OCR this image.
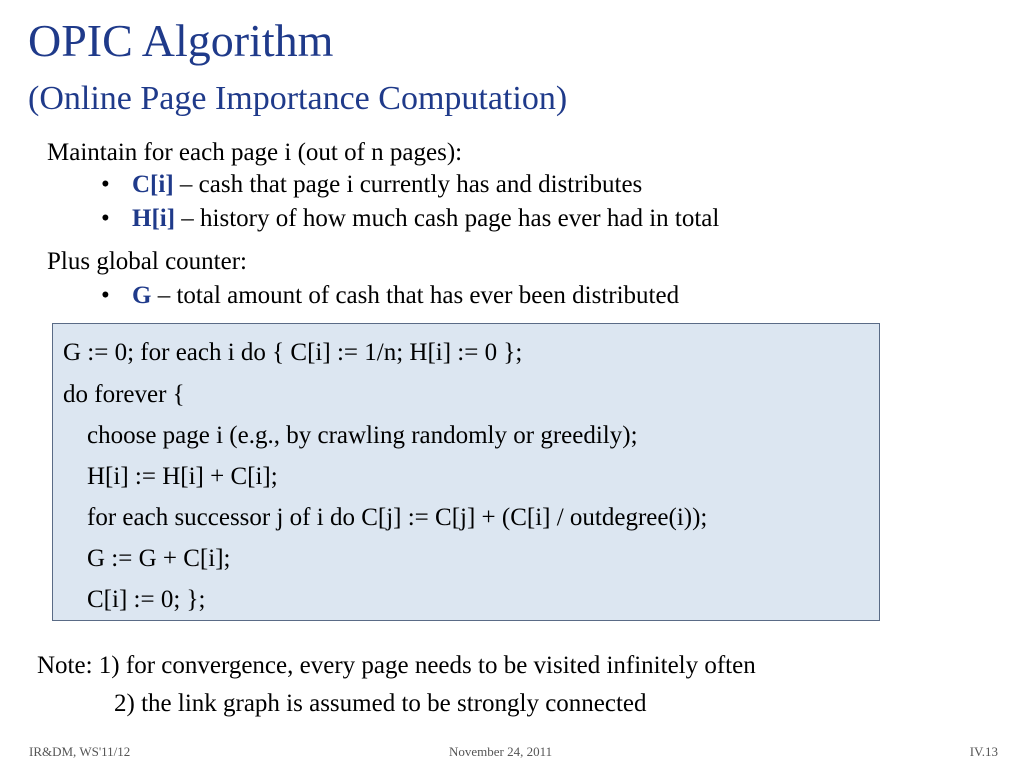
OPIC Algorithm
(Online Page Importance Computation)
Maintain for each page i (out of n pages):
• C[i] – cash that page i currently has and distributes
• H[i] – history of how much cash page has ever had in total
Plus global counter:
• G – total amount of cash that has ever been distributed
G := 0; for each i do { C[i] := 1/n; H[i] := 0 };
do forever {
choose page i (e.g., by crawling randomly or greedily);
H[i] := H[i] + C[i];
for each successor j of i do C[j] := C[j] + (C[i] / outdegree(i));
G := G + C[i];
C[i] := 0; };
Note: 1) for convergence, every page needs to be visited infinitely often
2) the link graph is assumed to be strongly connected
IR&DM, WS'11/12	November 24, 2011	IV.13
